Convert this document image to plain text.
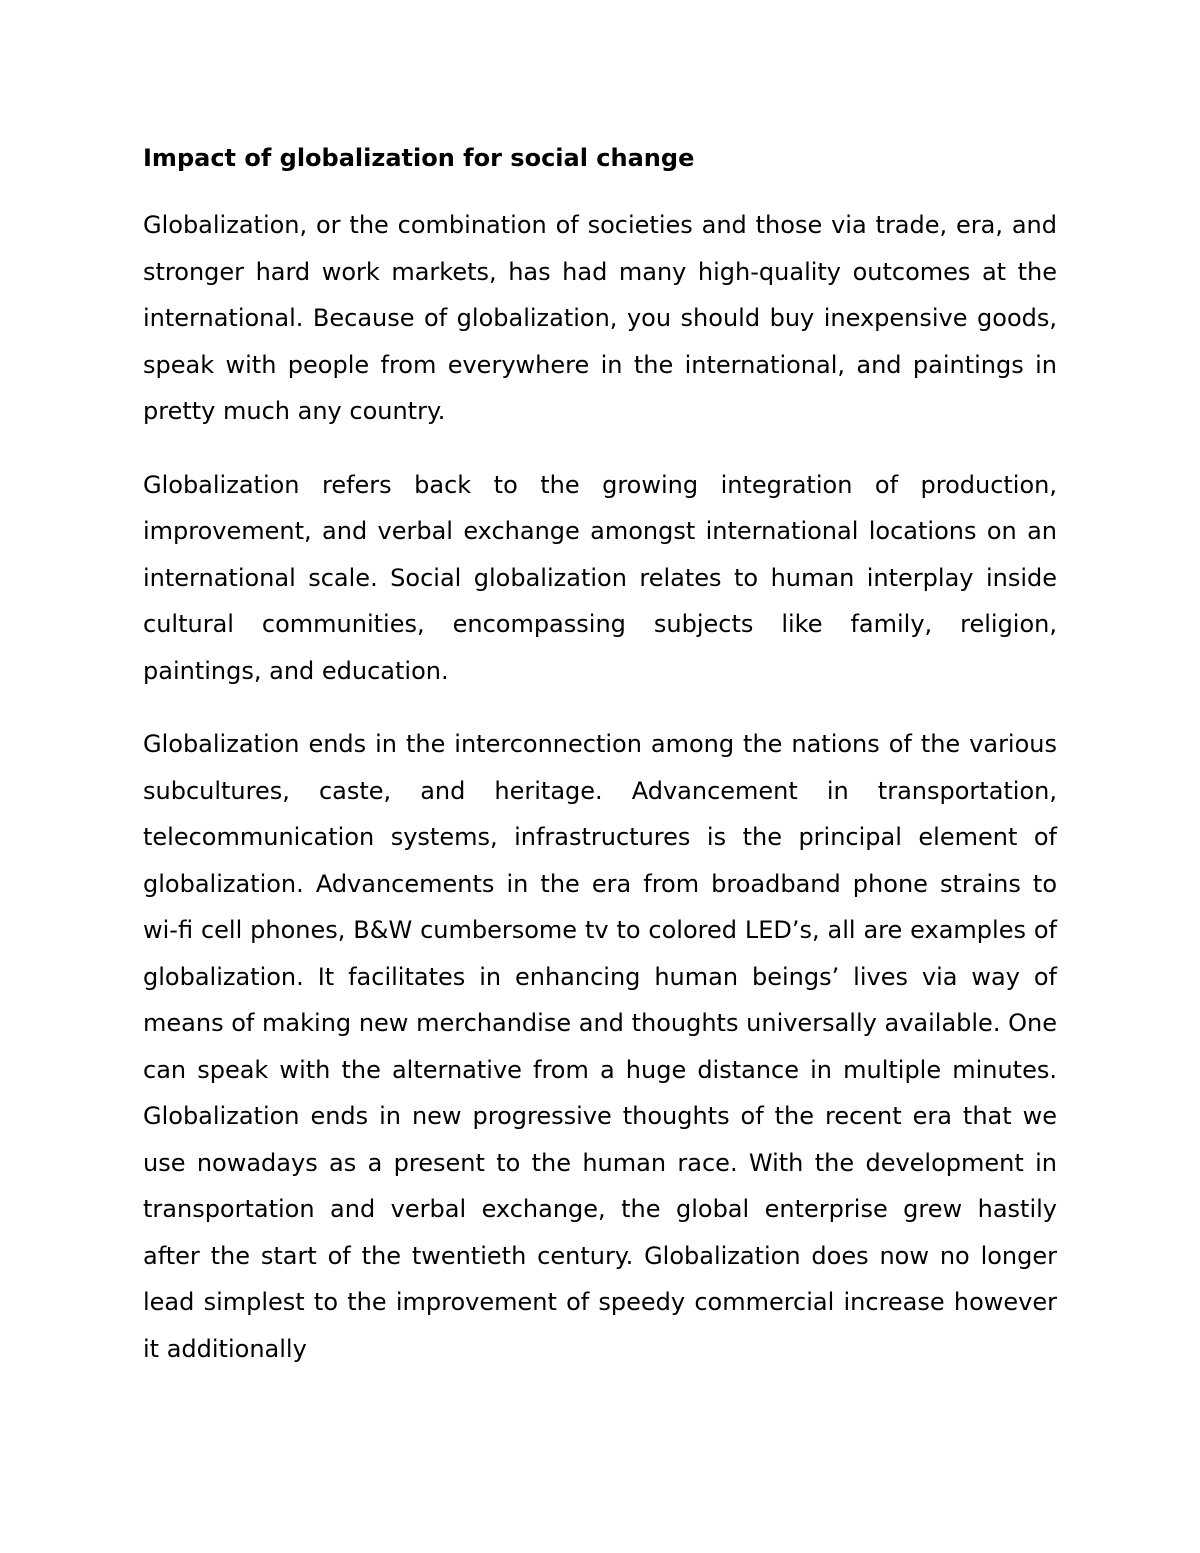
Impact of globalization for social change

Globalization, or the combination of societies and those via trade, era, and stronger hard work markets, has had many high-quality outcomes at the international. Because of globalization, you should buy inexpensive goods, speak with people from everywhere in the international, and paintings in pretty much any country.

Globalization refers back to the growing integration of production, improvement, and verbal exchange amongst international locations on an international scale. Social globalization relates to human interplay inside cultural communities, encompassing subjects like family, religion, paintings, and education.

Globalization ends in the interconnection among the nations of the various subcultures, caste, and heritage. Advancement in transportation, telecommunication systems, infrastructures is the principal element of globalization. Advancements in the era from broadband phone strains to wi-fi cell phones, B&W cumbersome tv to colored LED’s, all are examples of globalization. It facilitates in enhancing human beings’ lives via way of means of making new merchandise and thoughts universally available. One can speak with the alternative from a huge distance in multiple minutes. Globalization ends in new progressive thoughts of the recent era that we use nowadays as a present to the human race. With the development in transportation and verbal exchange, the global enterprise grew hastily after the start of the twentieth century. Globalization does now no longer lead simplest to the improvement of speedy commercial increase however it additionally
